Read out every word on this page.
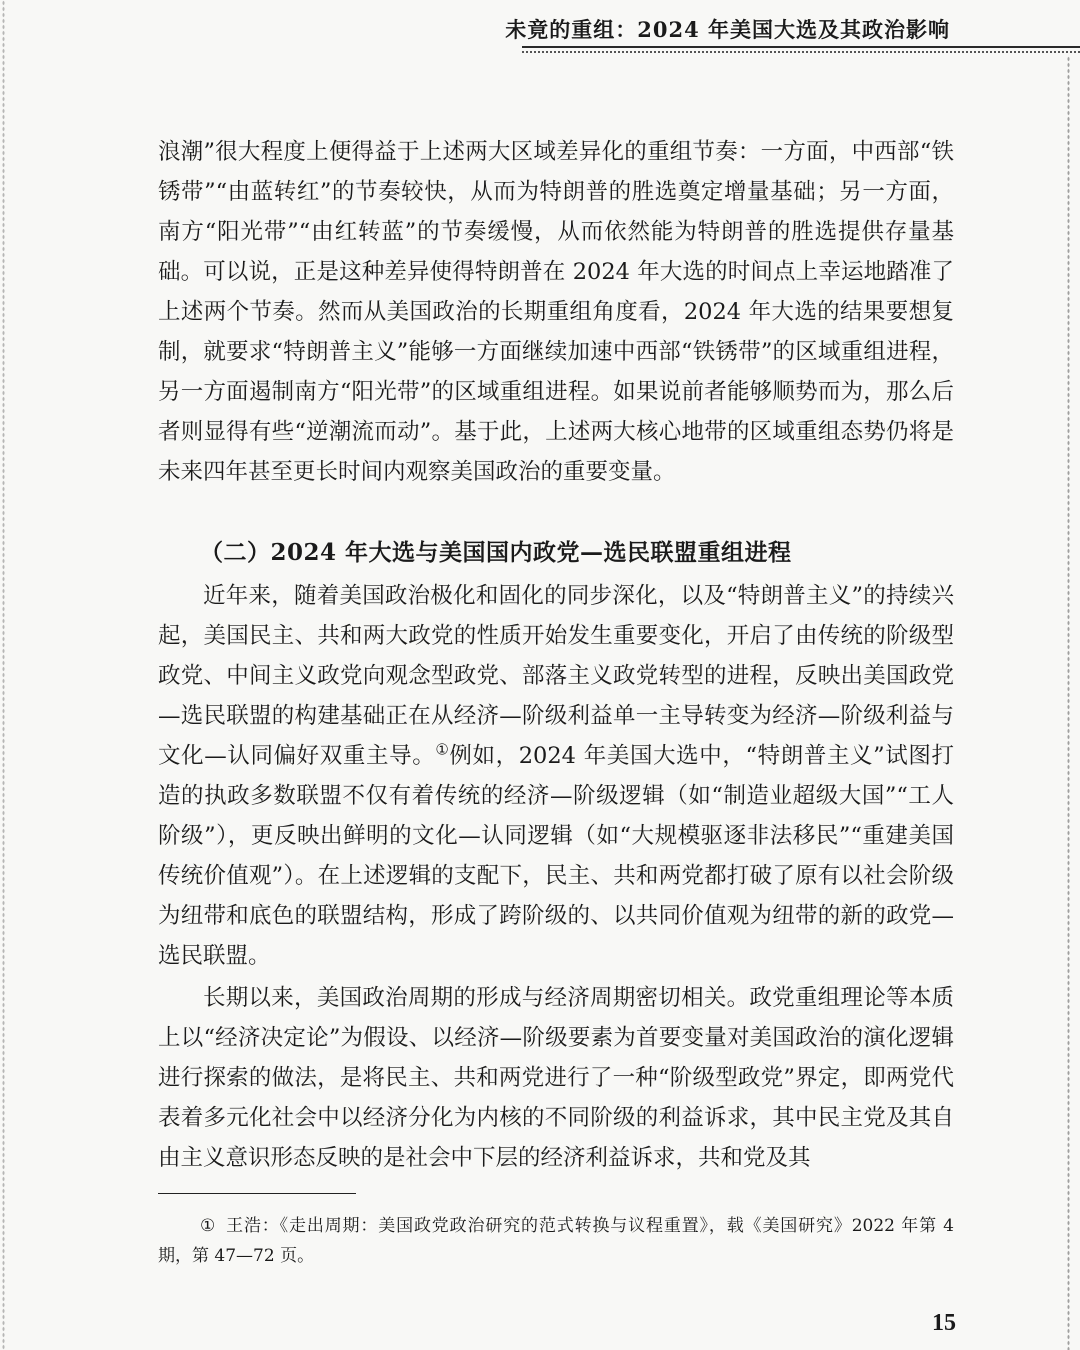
未竟的重组：2024 年美国大选及其政治影响

浪潮”很大程度上便得益于上述两大区域差异化的重组节奏：一方面，中西部“铁锈带”“由蓝转红”的节奏较快，从而为特朗普的胜选奠定增量基础；另一方面，南方“阳光带”“由红转蓝”的节奏缓慢，从而依然能为特朗普的胜选提供存量基础。可以说，正是这种差异使得特朗普在 2024 年大选的时间点上幸运地踏准了上述两个节奏。然而从美国政治的长期重组角度看，2024 年大选的结果要想复制，就要求“特朗普主义”能够一方面继续加速中西部“铁锈带”的区域重组进程，另一方面遏制南方“阳光带”的区域重组进程。如果说前者能够顺势而为，那么后者则显得有些“逆潮流而动”。基于此，上述两大核心地带的区域重组态势仍将是未来四年甚至更长时间内观察美国政治的重要变量。

（二）2024 年大选与美国国内政党—选民联盟重组进程

近年来，随着美国政治极化和固化的同步深化，以及“特朗普主义”的持续兴起，美国民主、共和两大政党的性质开始发生重要变化，开启了由传统的阶级型政党、中间主义政党向观念型政党、部落主义政党转型的进程，反映出美国政党—选民联盟的构建基础正在从经济—阶级利益单一主导转变为经济—阶级利益与文化—认同偏好双重主导。①例如，2024 年美国大选中，“特朗普主义”试图打造的执政多数联盟不仅有着传统的经济—阶级逻辑（如“制造业超级大国”“工人阶级”），更反映出鲜明的文化—认同逻辑（如“大规模驱逐非法移民”“重建美国传统价值观”）。在上述逻辑的支配下，民主、共和两党都打破了原有以社会阶级为纽带和底色的联盟结构，形成了跨阶级的、以共同价值观为纽带的新的政党—选民联盟。

长期以来，美国政治周期的形成与经济周期密切相关。政党重组理论等本质上以“经济决定论”为假设、以经济—阶级要素为首要变量对美国政治的演化逻辑进行探索的做法，是将民主、共和两党进行了一种“阶级型政党”界定，即两党代表着多元化社会中以经济分化为内核的不同阶级的利益诉求，其中民主党及其自由主义意识形态反映的是社会中下层的经济利益诉求，共和党及其

① 王浩：《走出周期：美国政党政治研究的范式转换与议程重置》，载《美国研究》2022 年第 4 期，第 47—72 页。
15
